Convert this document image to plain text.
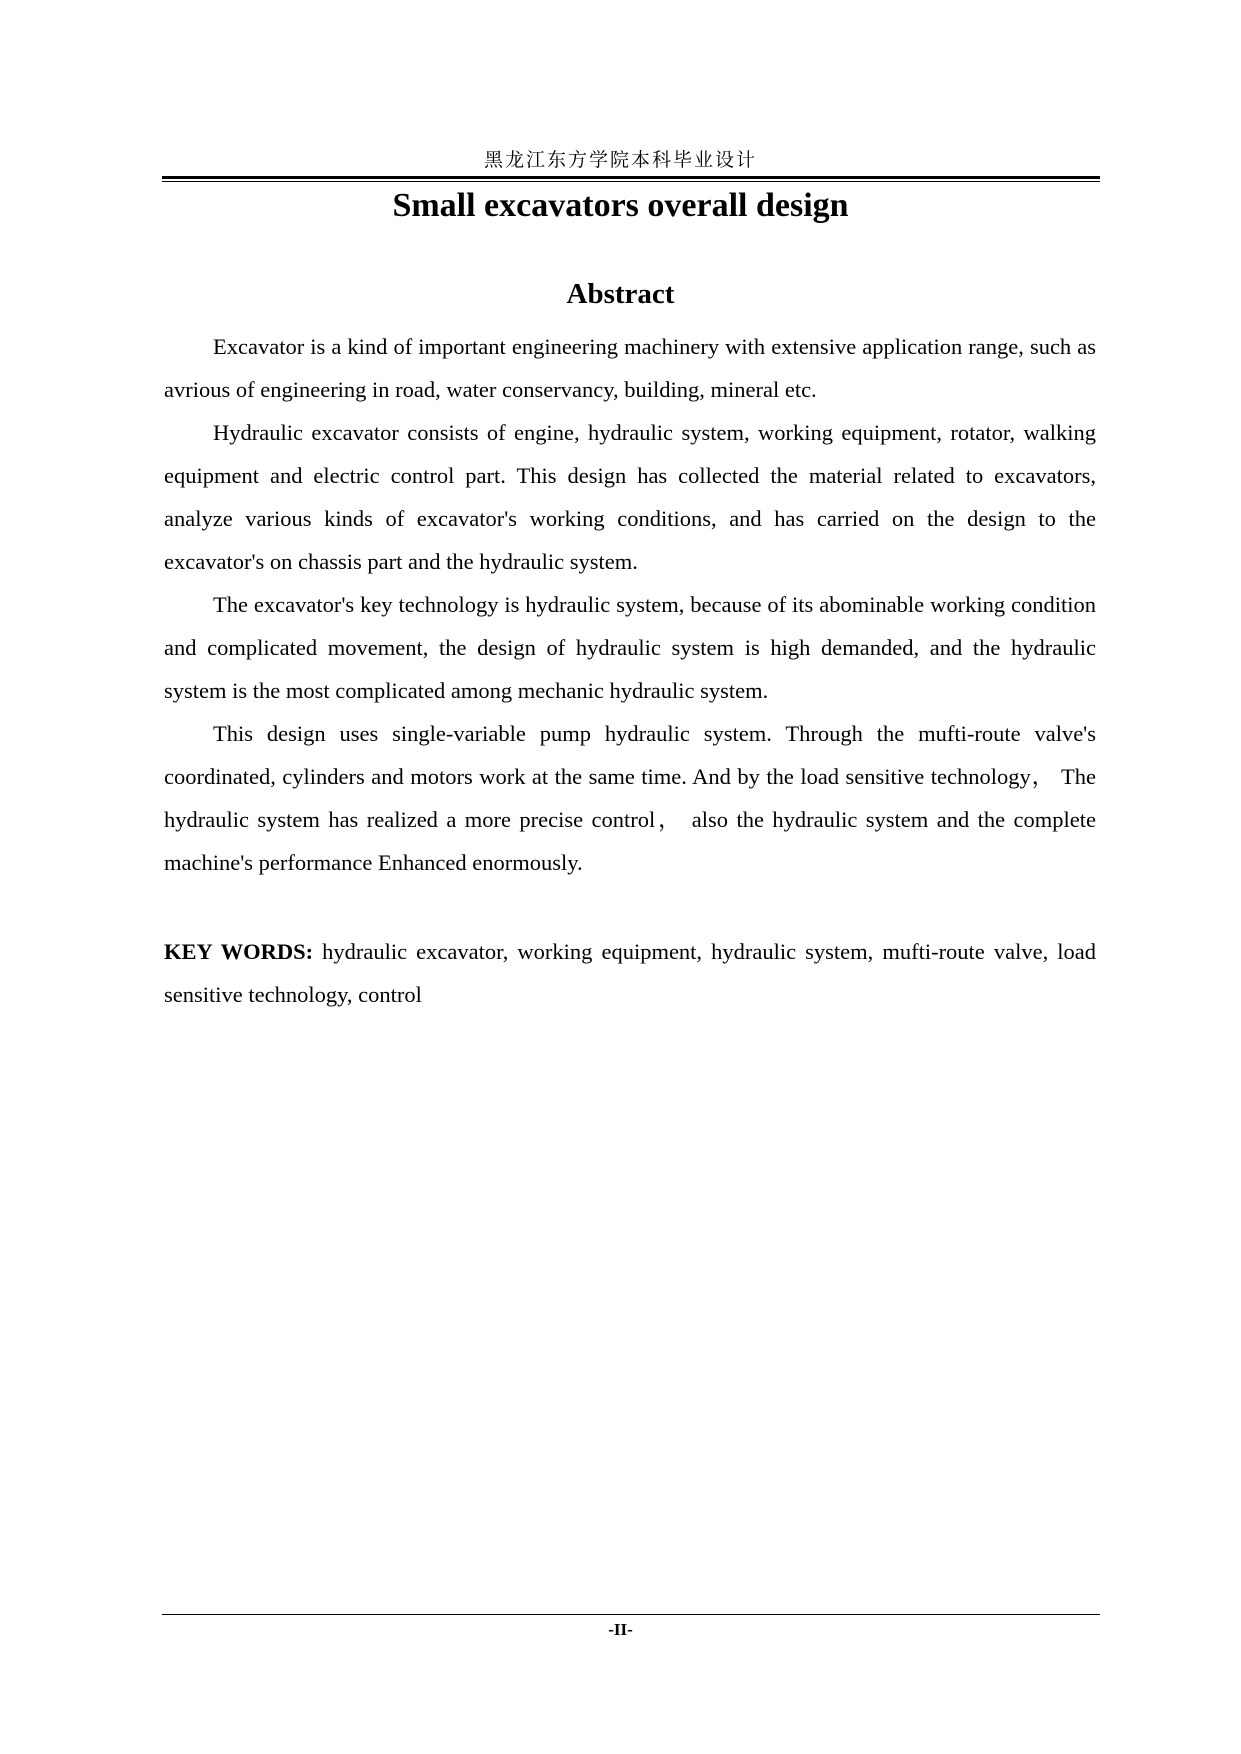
黑龙江东方学院本科毕业设计
Small excavators overall design
Abstract

Excavator is a kind of important engineering machinery with extensive application range, such as avrious of engineering in road, water conservancy, building, mineral etc.

Hydraulic excavator consists of engine, hydraulic system, working equipment, rotator, walking equipment and electric control part. This design has collected the material related to excavators, analyze various kinds of excavator's working conditions, and has carried on the design to the excavator's on chassis part and the hydraulic system.

The excavator's key technology is hydraulic system, because of its abominable working condition and complicated movement, the design of hydraulic system is high demanded, and the hydraulic system is the most complicated among mechanic hydraulic system.

This design uses single-variable pump hydraulic system. Through the mufti-route valve's coordinated, cylinders and motors work at the same time. And by the load sensitive technology， The hydraulic system has realized a more precise control， also the hydraulic system and the complete machine's performance Enhanced enormously.

KEY WORDS: hydraulic excavator, working equipment, hydraulic system, mufti-route valve, load sensitive technology, control

-II-
